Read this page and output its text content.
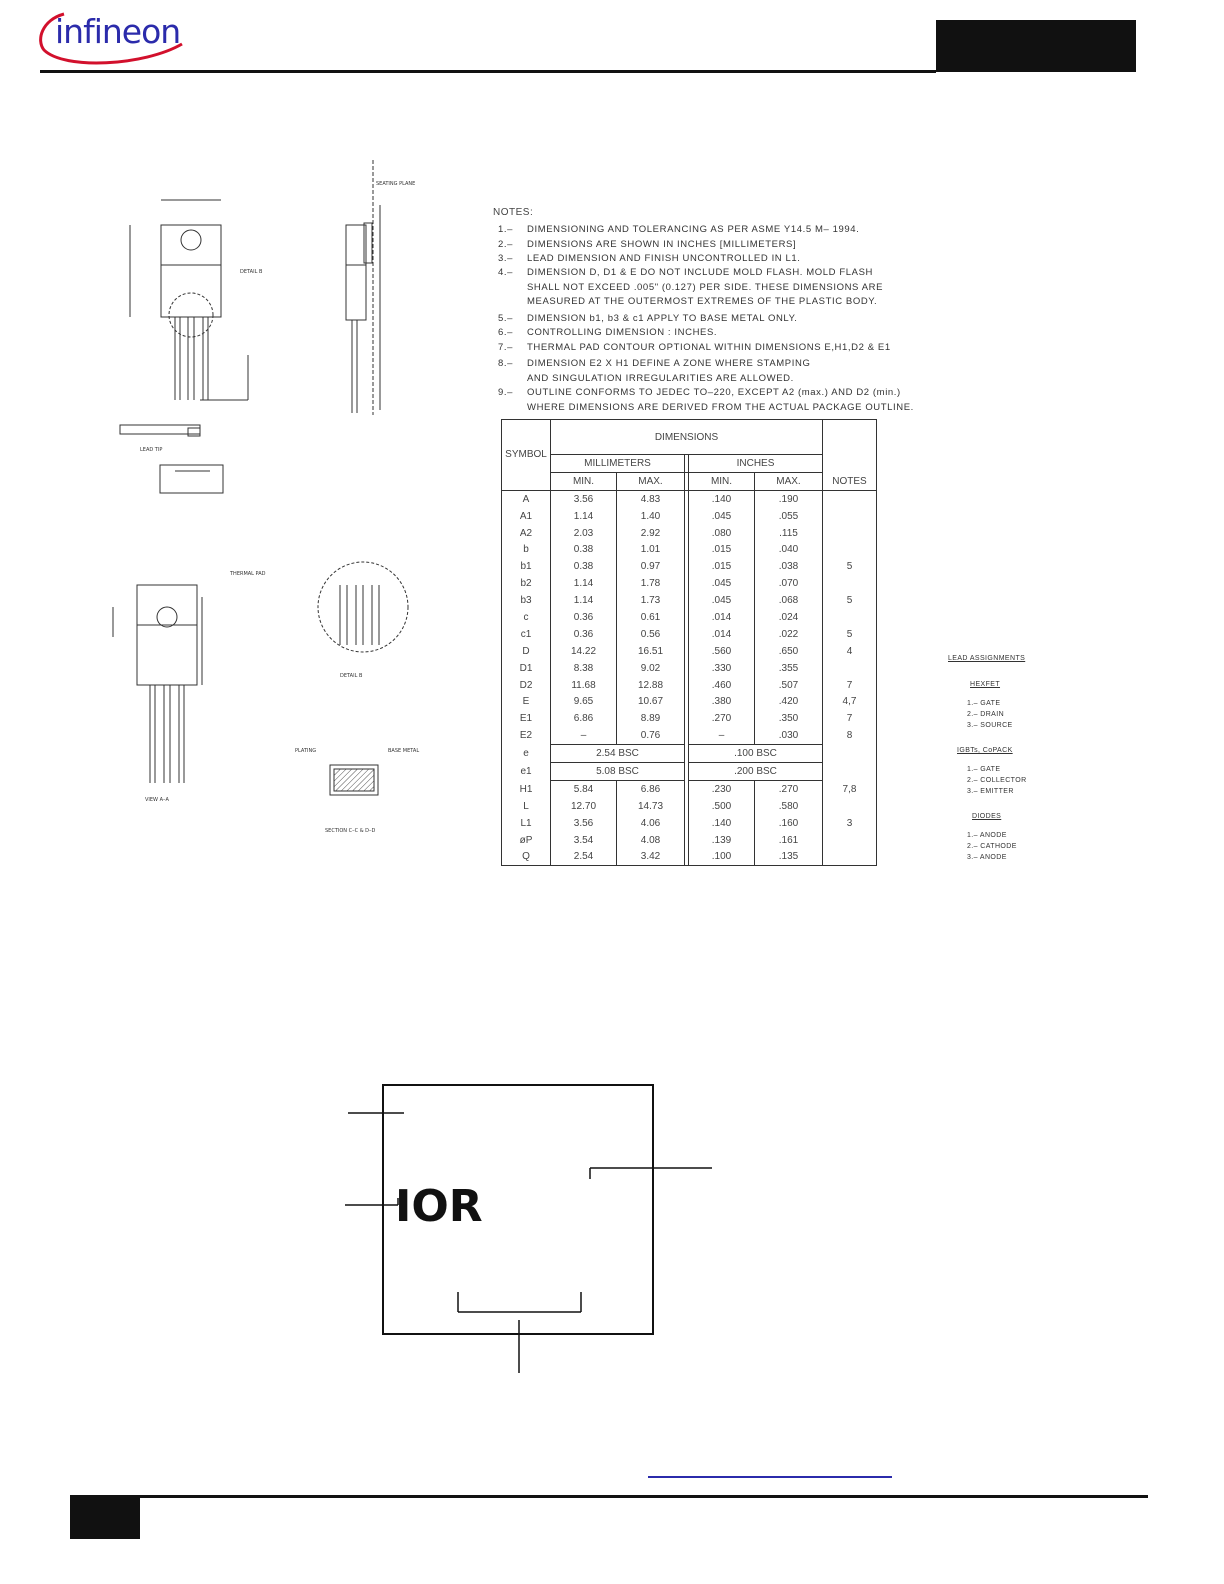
infineon
LEAD TIP
THERMAL PAD
SEATING PLANE
DETAIL B
DETAIL B
VIEW A–A
PLATING	BASE METAL
SECTION C–C & D–D
NOTES:
1.– DIMENSIONING AND TOLERANCING AS PER ASME Y14.5 M– 1994.
2.– DIMENSIONS ARE SHOWN IN INCHES [MILLIMETERS]
3.– LEAD DIMENSION AND FINISH UNCONTROLLED IN L1.
4.– DIMENSION D, D1 & E DO NOT INCLUDE MOLD FLASH. MOLD FLASH
SHALL NOT EXCEED .005" (0.127) PER SIDE. THESE DIMENSIONS ARE
MEASURED AT THE OUTERMOST EXTREMES OF THE PLASTIC BODY.
5.– DIMENSION b1, b3 & c1 APPLY TO BASE METAL ONLY.
6.– CONTROLLING DIMENSION : INCHES.
7.– THERMAL PAD CONTOUR OPTIONAL WITHIN DIMENSIONS E,H1,D2 & E1
8.– DIMENSION E2 X H1 DEFINE A ZONE WHERE STAMPING
AND SINGULATION IRREGULARITIES ARE ALLOWED.
9.– OUTLINE CONFORMS TO JEDEC TO–220, EXCEPT A2 (max.) AND D2 (min.)
WHERE DIMENSIONS ARE DERIVED FROM THE ACTUAL PACKAGE OUTLINE.
SYMBOL	DIMENSIONS					
	MILLIMETERS			INCHES		
	MIN.	MAX.		MIN.	MAX.	NOTES
A	3.56	4.83		.140	.190	
A1	1.14	1.40		.045	.055	
A2	2.03	2.92		.080	.115	
b	0.38	1.01		.015	.040	
b1	0.38	0.97		.015	.038	5
b2	1.14	1.78		.045	.070	
b3	1.14	1.73		.045	.068	5
c	0.36	0.61		.014	.024	
c1	0.36	0.56		.014	.022	5
D	14.22	16.51		.560	.650	4
D1	8.38	9.02		.330	.355	
D2	11.68	12.88		.460	.507	7
E	9.65	10.67		.380	.420	4,7
E1	6.86	8.89		.270	.350	7
E2	–	0.76		–	.030	8
e	2.54 BSC			.100 BSC		
e1	5.08 BSC			.200 BSC		
H1	5.84	6.86		.230	.270	7,8
L	12.70	14.73		.500	.580	
L1	3.56	4.06		.140	.160	3
øP	3.54	4.08		.139	.161	
Q	2.54	3.42		.100	.135	
LEAD ASSIGNMENTS
HEXFET
1.– GATE
2.– DRAIN
3.– SOURCE
IGBTs, CoPACK
1.– GATE
2.– COLLECTOR
3.– EMITTER
DIODES
1.– ANODE
2.– CATHODE
3.– ANODE
IOR
